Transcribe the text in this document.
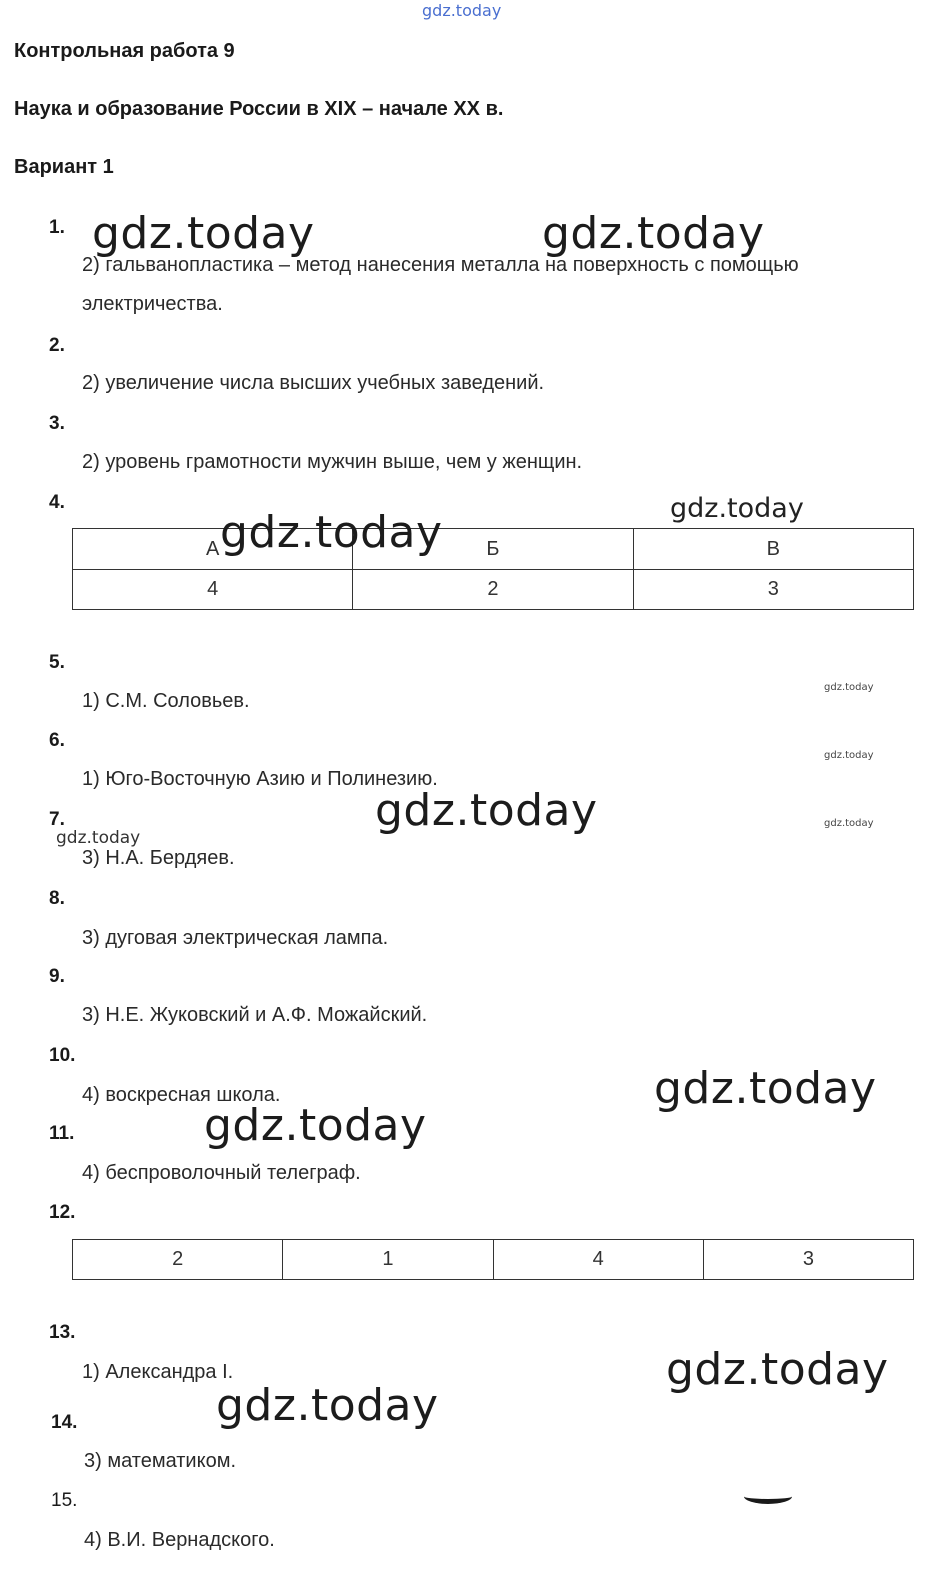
gdz.today
Контрольная работа 9
Наука и образование России в XIX – начале XX в.
Вариант 1
1.
2) гальванопластика – метод нанесения металла на поверхность с помощью
электричества.
2.
2) увеличение числа высших учебных заведений.
3.
2) уровень грамотности мужчин выше, чем у женщин.
4.
А	Б	В
4	2	3
5.
1) С.М. Соловьев.
6.
1) Юго-Восточную Азию и Полинезию.
7.
3) Н.А. Бердяев.
8.
3) дуговая электрическая лампа.
9.
3) Н.Е. Жуковский и А.Ф. Можайский.
10.
4) воскресная школа.
11.
4) беспроволочный телеграф.
12.
2	1	4	3
13.
1) Александра I.
14.
3) математиком.
15.
4) В.И. Вернадского.
gdz.today	gdz.today
gdz.today	gdz.today
gdz.today
gdz.today
gdz.today
gdz.today
gdz.today
gdz.today
gdz.today
gdz.today
gdz.today
